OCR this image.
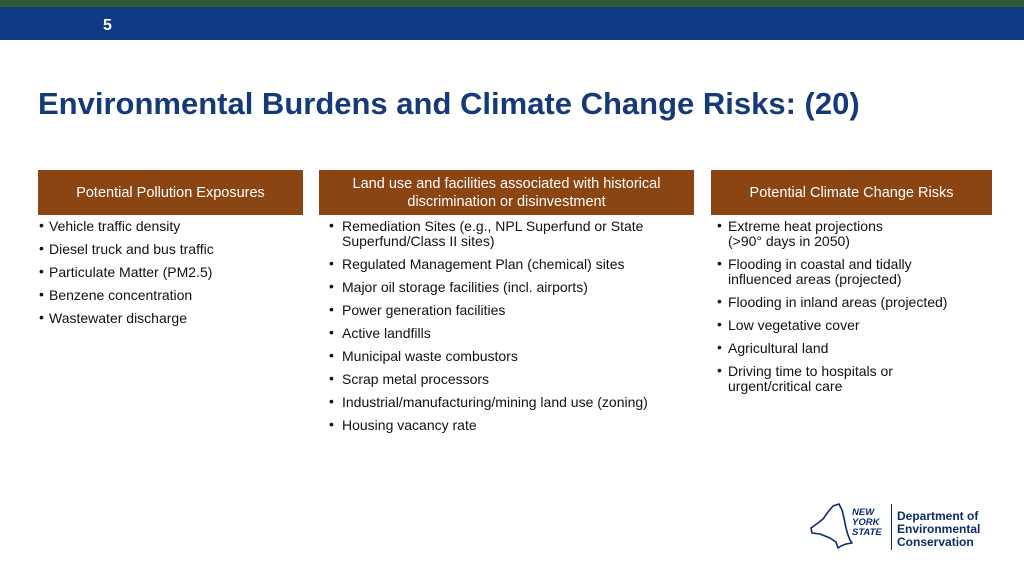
5
Environmental Burdens and Climate Change Risks: (20)
Potential Pollution Exposures
• Vehicle traffic density
• Diesel truck and bus traffic
• Particulate Matter (PM2.5)
• Benzene concentration
• Wastewater discharge
Land use and facilities associated with historical
discrimination or disinvestment
• Remediation Sites (e.g., NPL Superfund or State
Superfund/Class II sites)
• Regulated Management Plan (chemical) sites
• Major oil storage facilities (incl. airports)
• Power generation facilities
• Active landfills
• Municipal waste combustors
• Scrap metal processors
• Industrial/manufacturing/mining land use (zoning)
• Housing vacancy rate
Potential Climate Change Risks
• Extreme heat projections
(>90° days in 2050)
• Flooding in coastal and tidally
influenced areas (projected)
• Flooding in inland areas (projected)
• Low vegetative cover
• Agricultural land
• Driving time to hospitals or
urgent/critical care
NEW
YORK
STATE
Department of
Environmental
Conservation
